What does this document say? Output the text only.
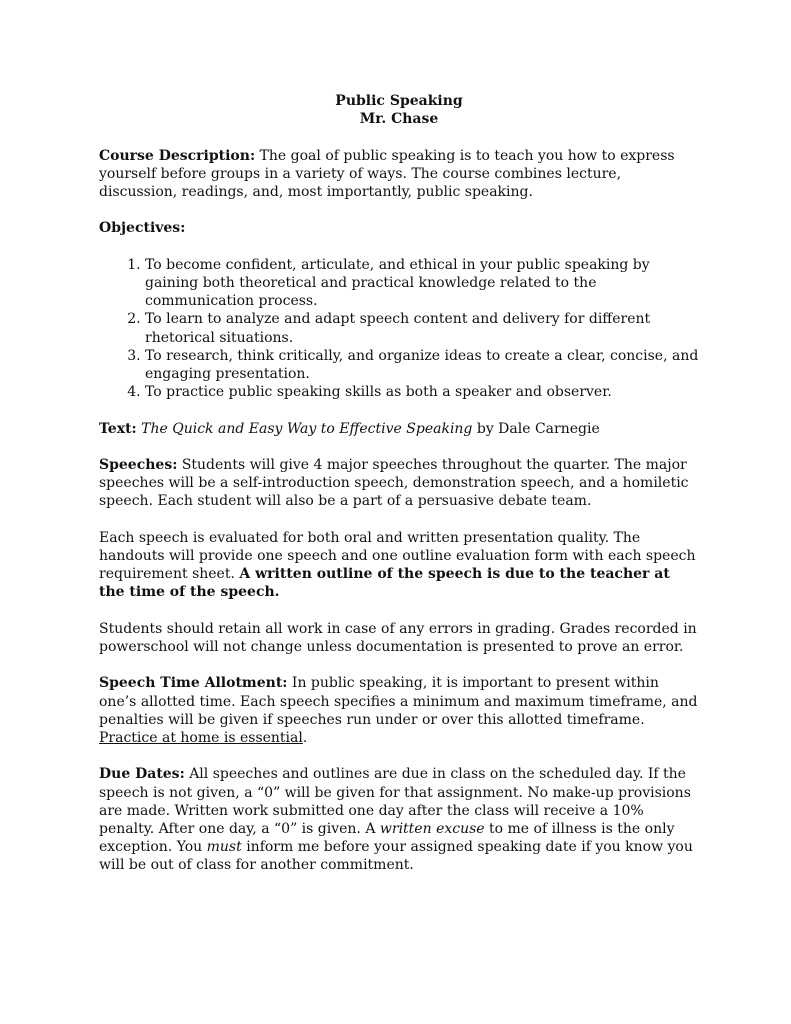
Public Speaking

Mr. Chase

Course Description: The goal of public speaking is to teach you how to express yourself before groups in a variety of ways. The course combines lecture, discussion, readings, and, most importantly, public speaking.

Objectives:

1. To become confident, articulate, and ethical in your public speaking by gaining both theoretical and practical knowledge related to the communication process.
2. To learn to analyze and adapt speech content and delivery for different rhetorical situations.
3. To research, think critically, and organize ideas to create a clear, concise, and engaging presentation.
4. To practice public speaking skills as both a speaker and observer.

Text: The Quick and Easy Way to Effective Speaking by Dale Carnegie

Speeches: Students will give 4 major speeches throughout the quarter. The major speeches will be a self-introduction speech, demonstration speech, and a homiletic speech. Each student will also be a part of a persuasive debate team.

Each speech is evaluated for both oral and written presentation quality. The handouts will provide one speech and one outline evaluation form with each speech requirement sheet. A written outline of the speech is due to the teacher at the time of the speech.

Students should retain all work in case of any errors in grading. Grades recorded in powerschool will not change unless documentation is presented to prove an error.

Speech Time Allotment: In public speaking, it is important to present within one’s allotted time. Each speech specifies a minimum and maximum timeframe, and penalties will be given if speeches run under or over this allotted timeframe. Practice at home is essential.

Due Dates: All speeches and outlines are due in class on the scheduled day. If the speech is not given, a “0” will be given for that assignment. No make-up provisions are made. Written work submitted one day after the class will receive a 10% penalty. After one day, a “0” is given. A written excuse to me of illness is the only exception. You must inform me before your assigned speaking date if you know you will be out of class for another commitment.
